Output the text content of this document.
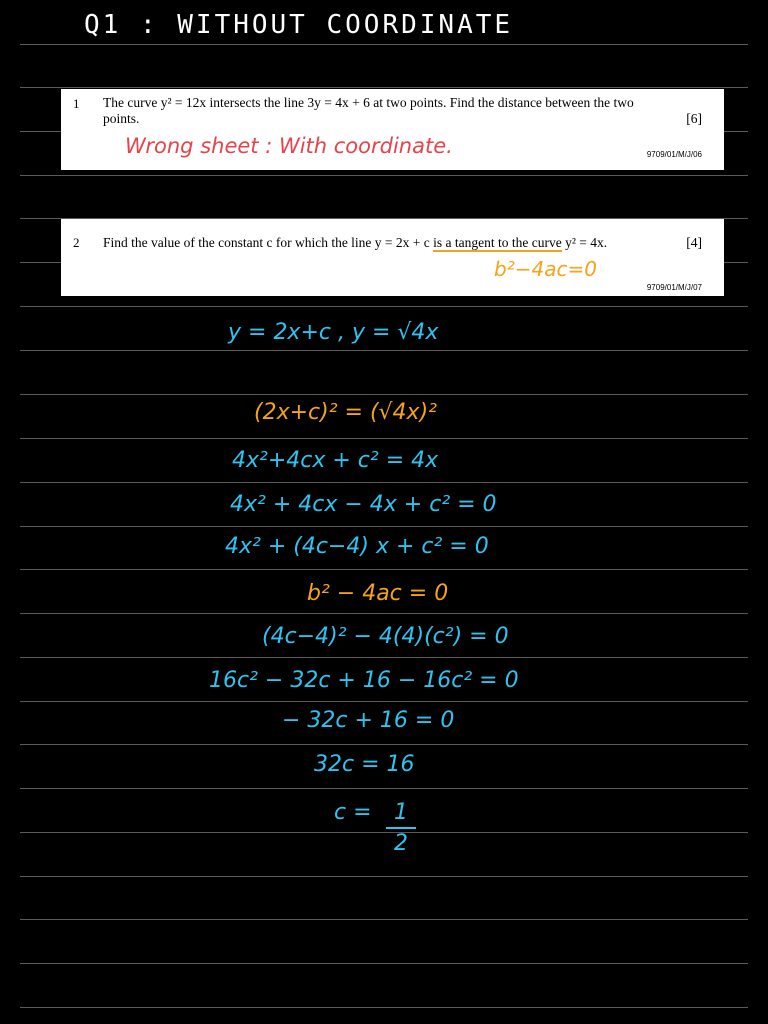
Q1 : WITHOUT COORDINATE
1 The curve y² = 12x intersects the line 3y = 4x + 6 at two points. Find the distance between the two
points.	[6]
Wrong sheet : With coordinate.	9709/01/M/J/06
2 Find the value of the constant c for which the line y = 2x + c is a tangent to the curve y² = 4x.	[4]
b²−4ac=0
9709/01/M/J/07
y = 2x+c , y = √4x
(2x+c)² = (√4x)²
4x²+4cx + c² = 4x
4x² + 4cx − 4x + c² = 0
4x² + (4c−4) x + c² = 0
b² − 4ac = 0
(4c−4)² − 4(4)(c²) = 0
16c² − 32c + 16 − 16c² = 0
− 32c + 16 = 0
32c = 16
c =	1
2
